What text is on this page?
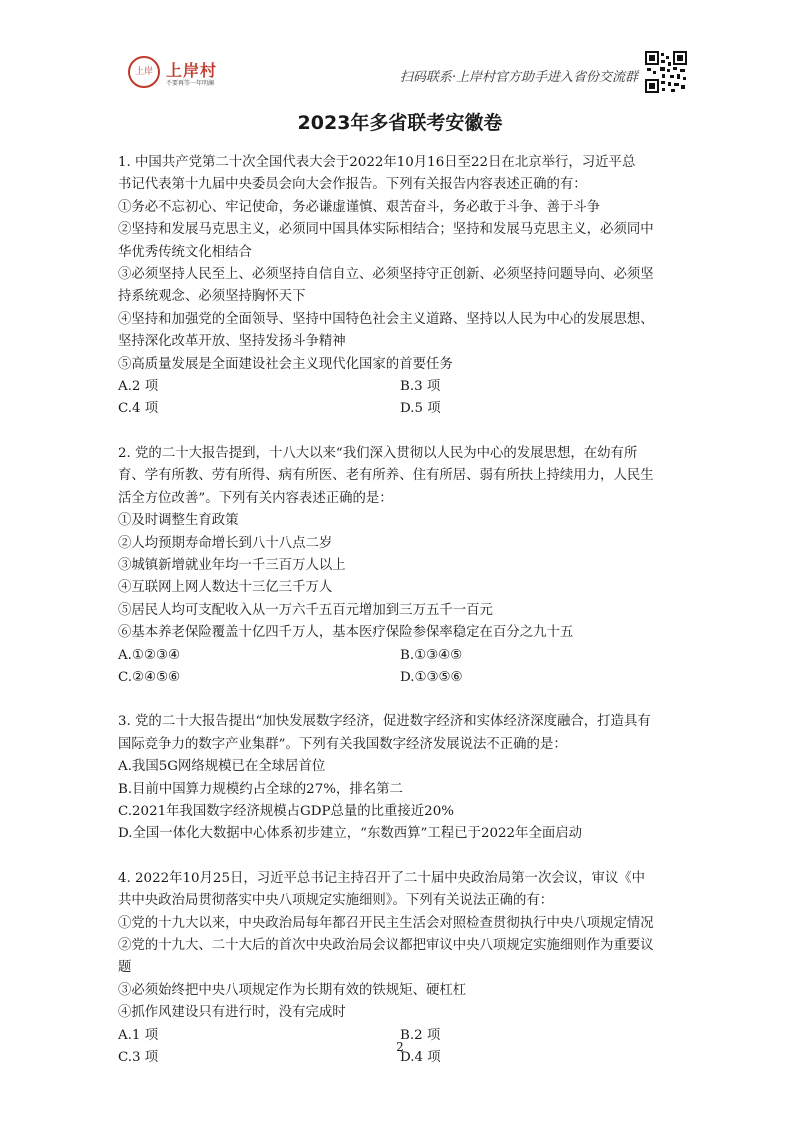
上岸 上岸村
不要再等一年明澜	扫码联系·上岸村官方助手进入省份交流群
2023年多省联考安徽卷
1. 中国共产党第二十次全国代表大会于2022年10月16日至22日在北京举行，习近平总
书记代表第十九届中央委员会向大会作报告。下列有关报告内容表述正确的有：
①务必不忘初心、牢记使命，务必谦虚谨慎、艰苦奋斗，务必敢于斗争、善于斗争
②坚持和发展马克思主义，必须同中国具体实际相结合；坚持和发展马克思主义，必须同中
华优秀传统文化相结合
③必须坚持人民至上、必须坚持自信自立、必须坚持守正创新、必须坚持问题导向、必须坚
持系统观念、必须坚持胸怀天下
④坚持和加强党的全面领导、坚持中国特色社会主义道路、坚持以人民为中心的发展思想、
坚持深化改革开放、坚持发扬斗争精神
⑤高质量发展是全面建设社会主义现代化国家的首要任务
A.2 项	B.3 项
C.4 项	D.5 项
2. 党的二十大报告提到，十八大以来“我们深入贯彻以人民为中心的发展思想，在幼有所
育、学有所教、劳有所得、病有所医、老有所养、住有所居、弱有所扶上持续用力，人民生
活全方位改善”。下列有关内容表述正确的是：
①及时调整生育政策
②人均预期寿命增长到八十八点二岁
③城镇新增就业年均一千三百万人以上
④互联网上网人数达十三亿三千万人
⑤居民人均可支配收入从一万六千五百元增加到三万五千一百元
⑥基本养老保险覆盖十亿四千万人，基本医疗保险参保率稳定在百分之九十五
A.①②③④	B.①③④⑤
C.②④⑤⑥	D.①③⑤⑥
3. 党的二十大报告提出“加快发展数字经济，促进数字经济和实体经济深度融合，打造具有
国际竞争力的数字产业集群”。下列有关我国数字经济发展说法不正确的是：
A.我国5G网络规模已在全球居首位
B.目前中国算力规模约占全球的27%，排名第二
C.2021年我国数字经济规模占GDP总量的比重接近20%
D.全国一体化大数据中心体系初步建立，“东数西算”工程已于2022年全面启动
4. 2022年10月25日，习近平总书记主持召开了二十届中央政治局第一次会议，审议《中
共中央政治局贯彻落实中央八项规定实施细则》。下列有关说法正确的有：
①党的十九大以来，中央政治局每年都召开民主生活会对照检查贯彻执行中央八项规定情况
②党的十九大、二十大后的首次中央政治局会议都把审议中央八项规定实施细则作为重要议
题
③必须始终把中央八项规定作为长期有效的铁规矩、硬杠杠
④抓作风建设只有进行时，没有完成时
A.1 项	B.2 项
C.3 项	D.4 项
2
